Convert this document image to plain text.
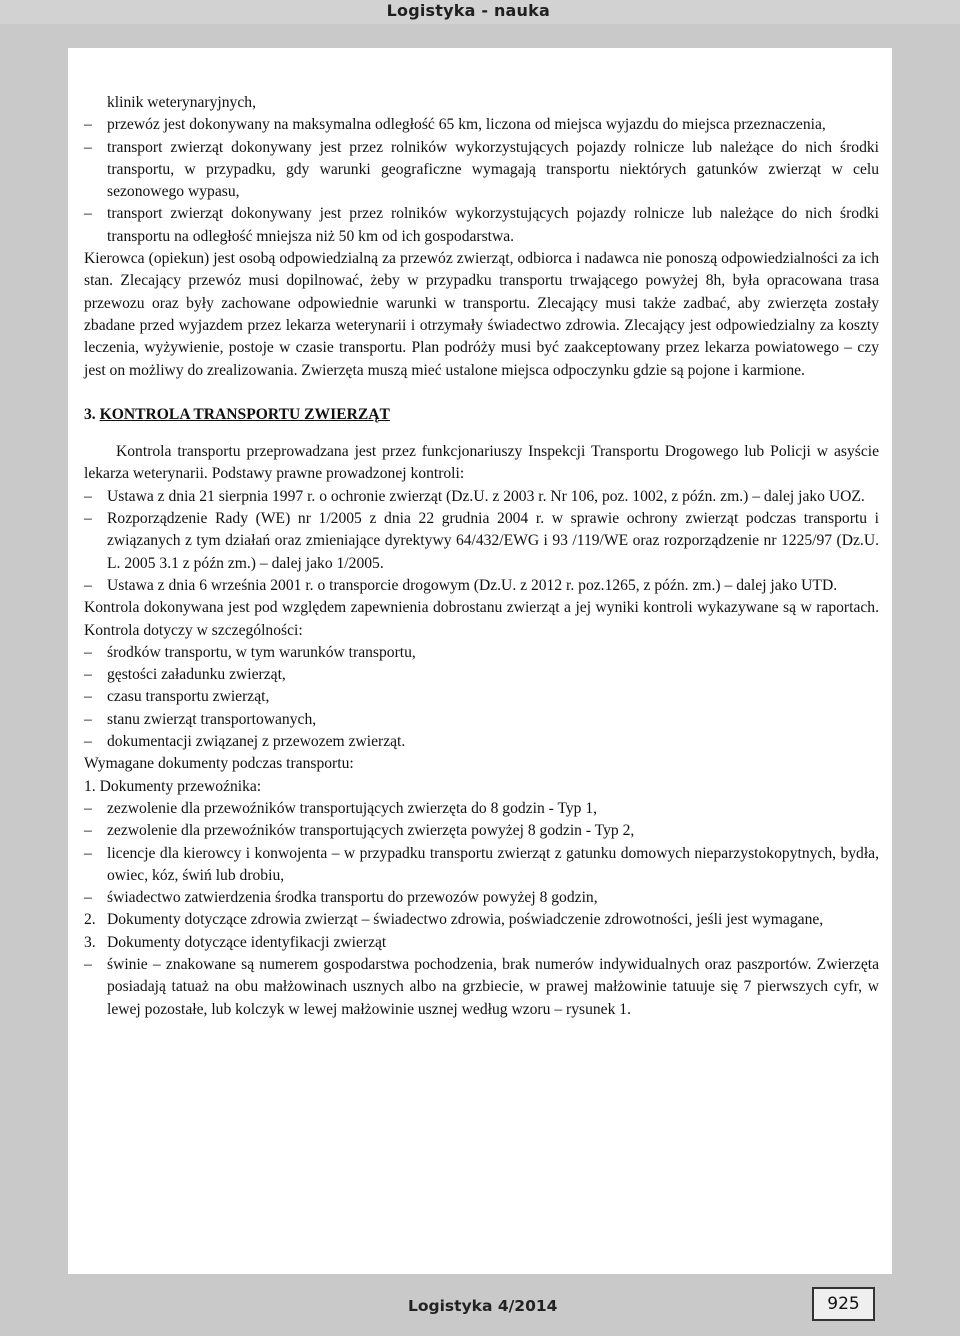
Logistyka - nauka

klinik weterynaryjnych,

– przewóz jest dokonywany na maksymalna odległość 65 km, liczona od miejsca wyjazdu do miejsca przeznaczenia,

– transport zwierząt dokonywany jest przez rolników wykorzystujących pojazdy rolnicze lub należące do nich środki transportu, w przypadku, gdy warunki geograficzne wymagają transportu niektórych gatunków zwierząt w celu sezonowego wypasu,

– transport zwierząt dokonywany jest przez rolników wykorzystujących pojazdy rolnicze lub należące do nich środki transportu na odległość mniejsza niż 50 km od ich gospodarstwa.

Kierowca (opiekun) jest osobą odpowiedzialną za przewóz zwierząt, odbiorca i nadawca nie ponoszą odpowiedzialności za ich stan. Zlecający przewóz musi dopilnować, żeby w przypadku transportu trwającego powyżej 8h, była opracowana trasa przewozu oraz były zachowane odpowiednie warunki w transportu. Zlecający musi także zadbać, aby zwierzęta zostały zbadane przed wyjazdem przez lekarza weterynarii i otrzymały świadectwo zdrowia. Zlecający jest odpowiedzialny za koszty leczenia, wyżywienie, postoje w czasie transportu. Plan podróży musi być zaakceptowany przez lekarza powiatowego – czy jest on możliwy do zrealizowania. Zwierzęta muszą mieć ustalone miejsca odpoczynku gdzie są pojone i karmione.

3. KONTROLA TRANSPORTU ZWIERZĄT

Kontrola transportu przeprowadzana jest przez funkcjonariuszy Inspekcji Transportu Drogowego lub Policji w asyście lekarza weterynarii. Podstawy prawne prowadzonej kontroli:

– Ustawa z dnia 21 sierpnia 1997 r. o ochronie zwierząt (Dz.U. z 2003 r. Nr 106, poz. 1002, z późn. zm.) – dalej jako UOZ.

– Rozporządzenie Rady (WE) nr 1/2005 z dnia 22 grudnia 2004 r. w sprawie ochrony zwierząt podczas transportu i związanych z tym działań oraz zmieniające dyrektywy 64/432/EWG i 93 /119/WE oraz rozporządzenie nr 1225/97 (Dz.U. L. 2005 3.1 z późn zm.) – dalej jako 1/2005.

– Ustawa z dnia 6 września 2001 r. o transporcie drogowym (Dz.U. z 2012 r. poz.1265, z późn. zm.) – dalej jako UTD.

Kontrola dokonywana jest pod względem zapewnienia dobrostanu zwierząt a jej wyniki kontroli wykazywane są w raportach. Kontrola dotyczy w szczególności:

– środków transportu, w tym warunków transportu,

– gęstości załadunku zwierząt,

– czasu transportu zwierząt,

– stanu zwierząt transportowanych,

– dokumentacji związanej z przewozem zwierząt.

Wymagane dokumenty podczas transportu:

1. Dokumenty przewoźnika:

– zezwolenie dla przewoźników transportujących zwierzęta do 8 godzin - Typ 1,

– zezwolenie dla przewoźników transportujących zwierzęta powyżej 8 godzin - Typ 2,

– licencje dla kierowcy i konwojenta – w przypadku transportu zwierząt z gatunku domowych nieparzystokopytnych, bydła, owiec, kóz, świń lub drobiu,

– świadectwo zatwierdzenia środka transportu do przewozów powyżej 8 godzin,

2. Dokumenty dotyczące zdrowia zwierząt – świadectwo zdrowia, poświadczenie zdrowotności, jeśli jest wymagane,

3. Dokumenty dotyczące identyfikacji zwierząt

– świnie – znakowane są numerem gospodarstwa pochodzenia, brak numerów indywidualnych oraz paszportów. Zwierzęta posiadają tatuaż na obu małżowinach usznych albo na grzbiecie, w prawej małżowinie tatuuje się 7 pierwszych cyfr, w lewej pozostałe, lub kolczyk w lewej małżowinie usznej według wzoru – rysunek 1.

Logistyka 4/2014	925
